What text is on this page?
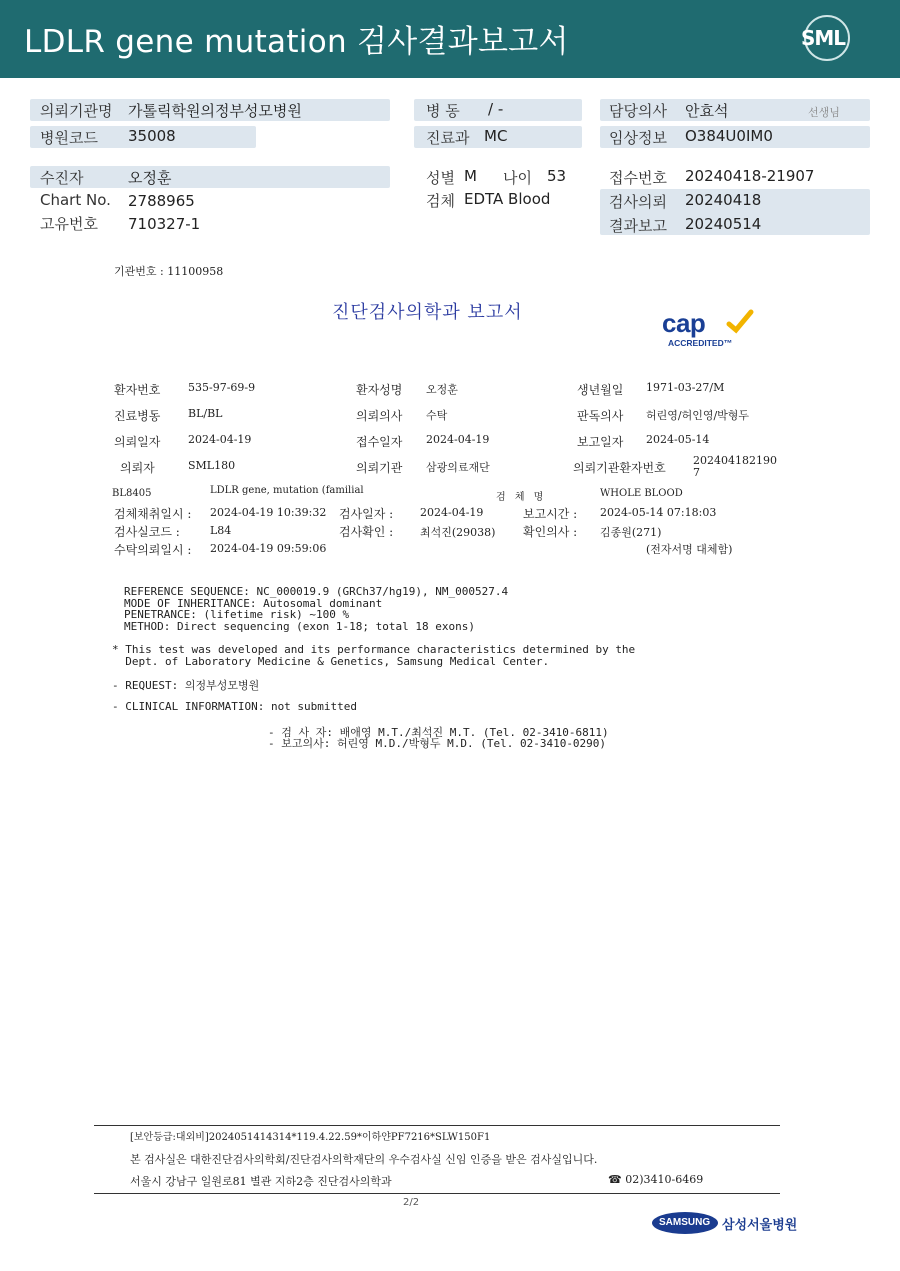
LDLR gene mutation 검사결과보고서	SML
의뢰기관명 가톨릭학원의정부성모병원
병원코드 35008
병 동 / -
진료과 MC
담당의사 안효석	선생님
임상정보 O384U0IM0
수진자	오정훈
Chart No. 2788965
고유번호 710327-1
성별 M 나이 53
검체 EDTA Blood
접수번호 20240418-21907
검사의뢰 20240418
결과보고 20240514
기관번호 : 11100958
진단검사의학과 보고서	cap
ACCREDITED™
환자번호	535-97-69-9	환자성명 오정훈	생년월일 1971-03-27/M
진료병동	BL/BL	의뢰의사 수탁	판독의사 허린영/허인영/박형두
의뢰일자	2024-04-19	접수일자 2024-04-19	보고일자 2024-05-14
의뢰자	SML180	의뢰기관 삼광의료재단	의뢰기관환자번호
202404182190 7
BL8405	LDLR gene, mutation (familial
검 체 명	WHOLE BLOOD
검체채취일시 : 2024-04-19 10:39:32 검사일자 : 2024-04-19	보고시간 : 2024-05-14 07:18:03
검사실코드 :	L84	검사확인 : 최석진(29038) 확인의사 : 김종원(271)
수탁의뢰일시 : 2024-04-19 09:59:06	(전자서명 대체함)
REFERENCE SEQUENCE: NC_000019.9 (GRCh37/hg19), NM_000527.4
MODE OF INHERITANCE: Autosomal dominant
PENETRANCE: (lifetime risk) ~100 %
METHOD: Direct sequencing (exon 1-18; total 18 exons)
* This test was developed and its performance characteristics determined by the
Dept. of Laboratory Medicine & Genetics, Samsung Medical Center.
- REQUEST: 의정부성모병원
- CLINICAL INFORMATION: not submitted
- 검 사 자: 배애영 M.T./최석진 M.T. (Tel. 02-3410-6811)
- 보고의사: 허린영 M.D./박형두 M.D. (Tel. 02-3410-0290)
[보안등급:대외비]2024051414314*119.4.22.59*이하얀PF7216*SLW150F1
본 검사실은 대한진단검사의학회/진단검사의학재단의 우수검사실 신임 인증을 받은 검사실입니다.
서울시 강남구 일원로81 별관 지하2층 진단검사의학과	☎ 02)3410-6469
2/2
SAMSUNG 삼성서울병원
